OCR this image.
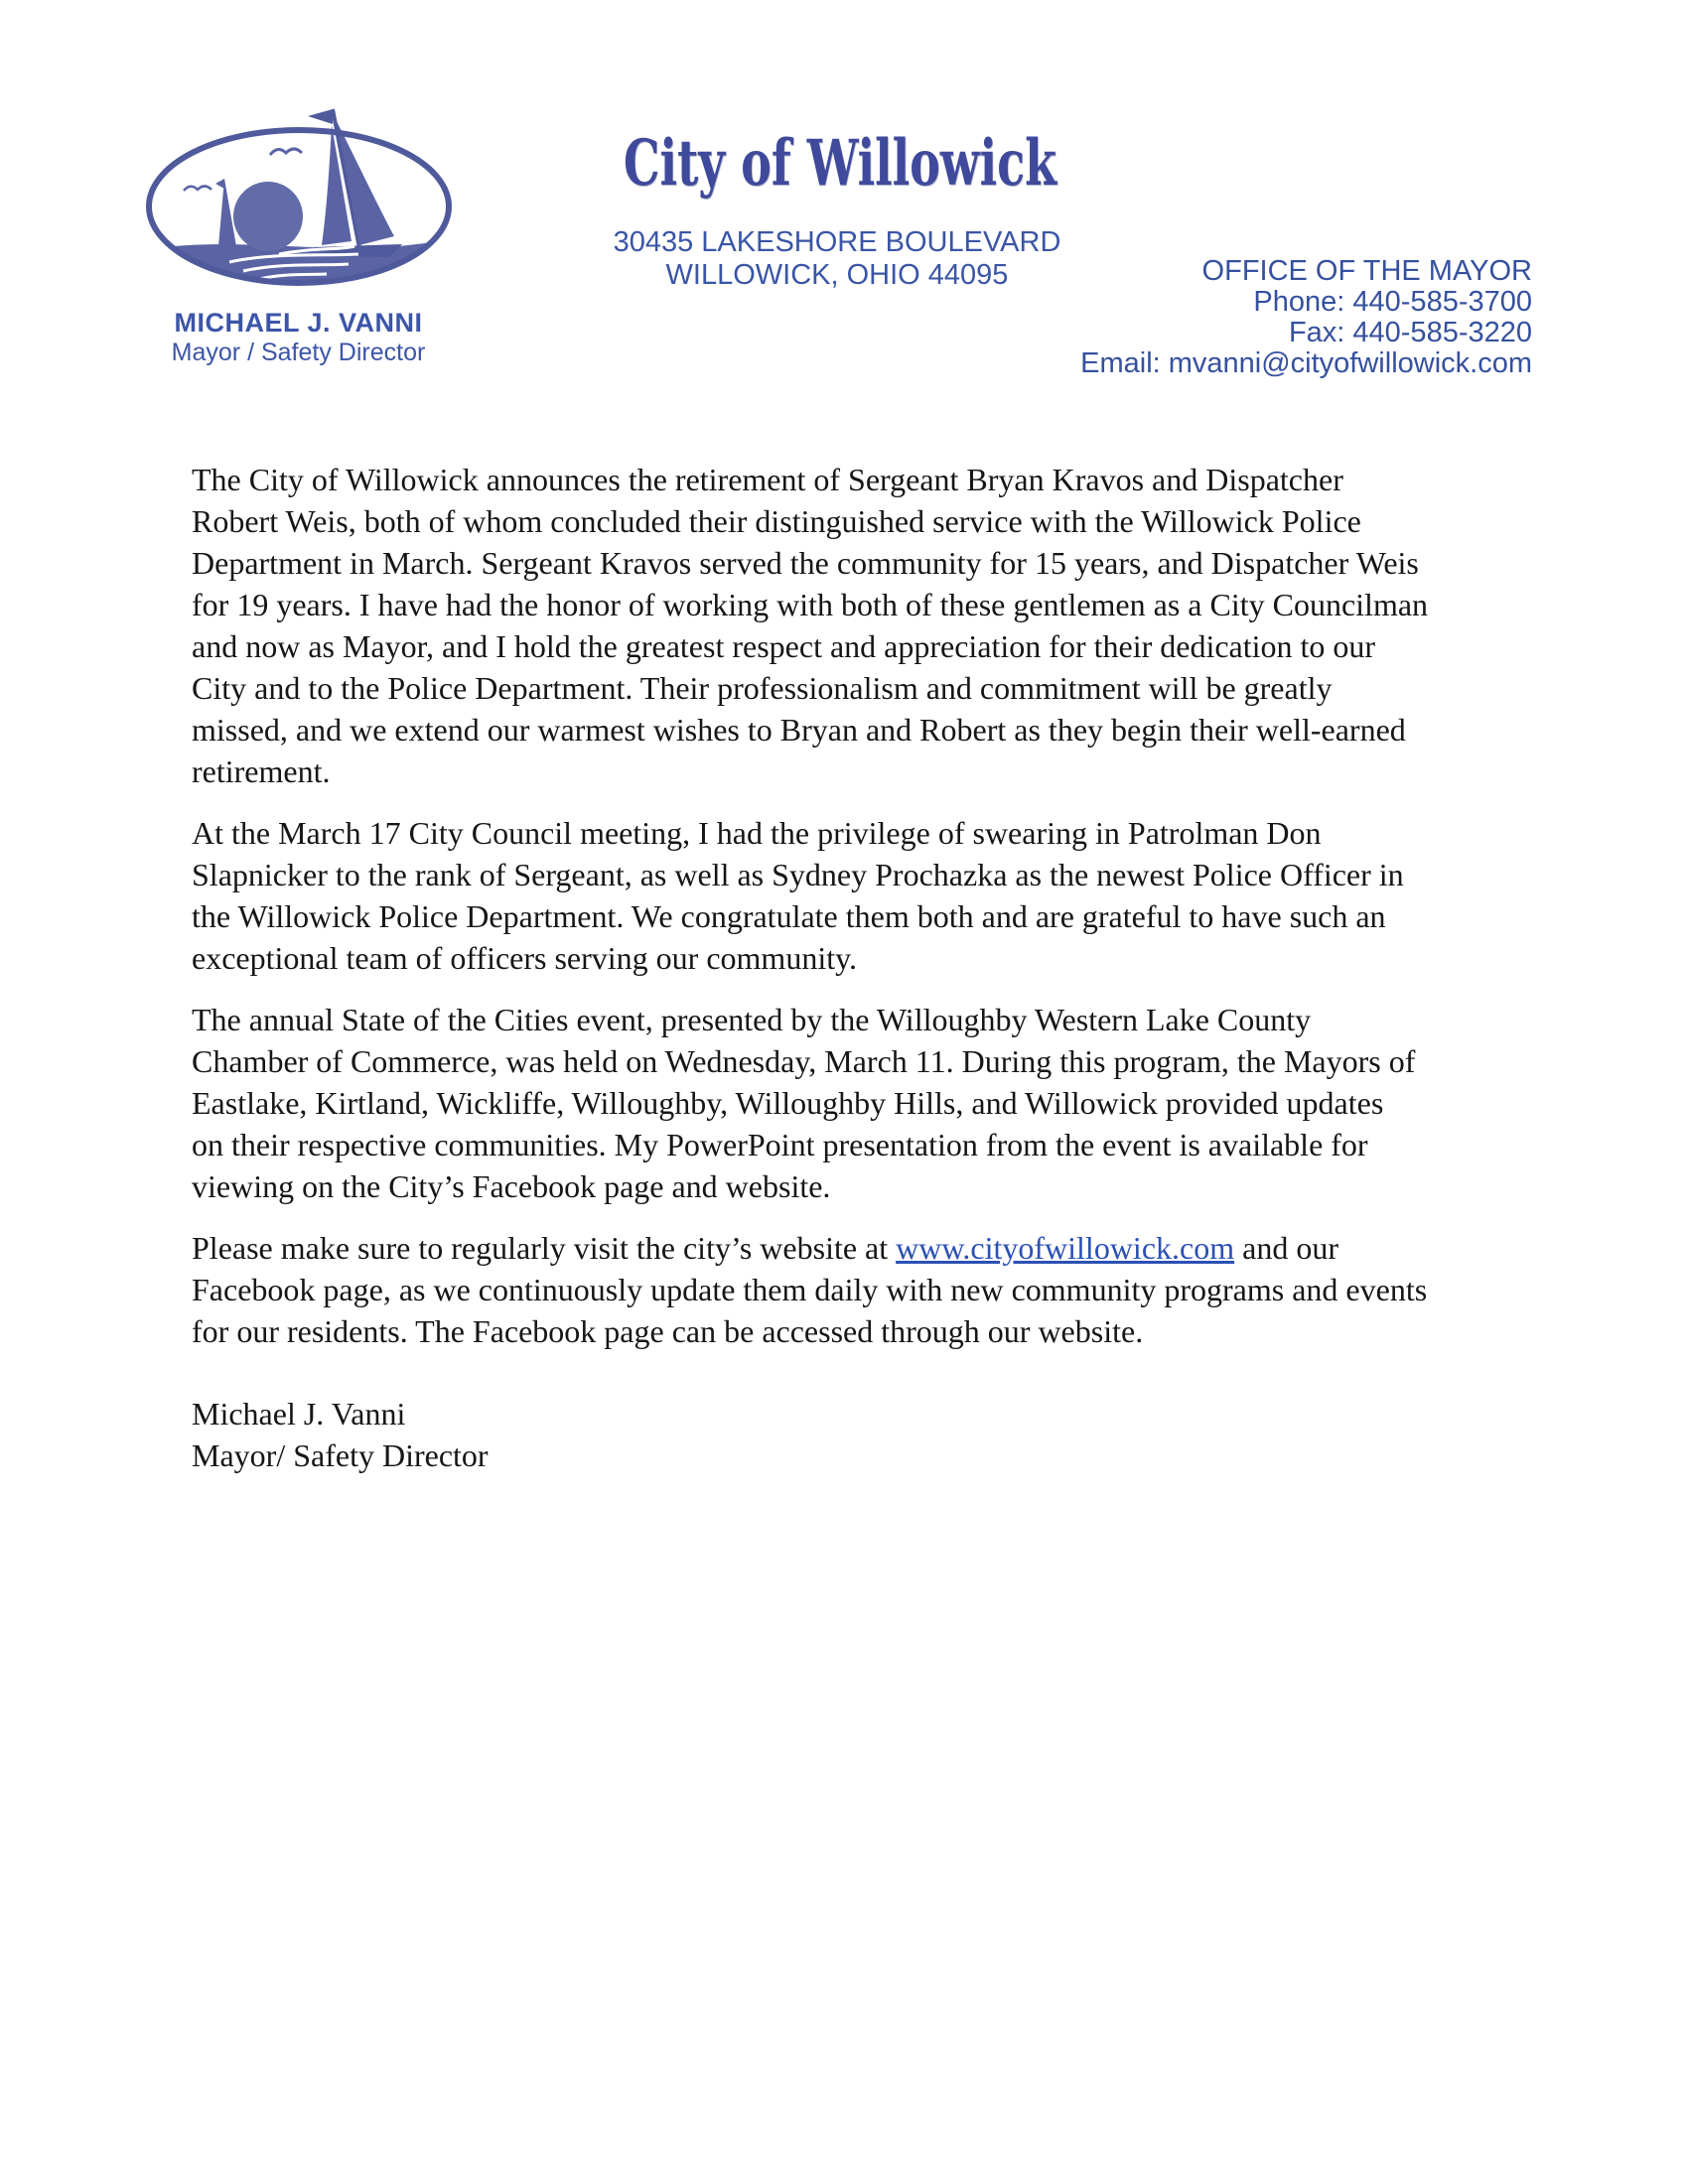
MICHAEL J. VANNI
Mayor / Safety Director
City of Willowick
30435 LAKESHORE BOULEVARD
WILLOWICK, OHIO 44095	OFFICE OF THE MAYOR
Phone: 440-585-3700
Fax: 440-585-3220
Email: mvanni@cityofwillowick.com

The City of Willowick announces the retirement of Sergeant Bryan Kravos and Dispatcher
Robert Weis, both of whom concluded their distinguished service with the Willowick Police
Department in March. Sergeant Kravos served the community for 15 years, and Dispatcher Weis
for 19 years. I have had the honor of working with both of these gentlemen as a City Councilman
and now as Mayor, and I hold the greatest respect and appreciation for their dedication to our
City and to the Police Department. Their professionalism and commitment will be greatly
missed, and we extend our warmest wishes to Bryan and Robert as they begin their well-earned
retirement.

At the March 17 City Council meeting, I had the privilege of swearing in Patrolman Don
Slapnicker to the rank of Sergeant, as well as Sydney Prochazka as the newest Police Officer in
the Willowick Police Department. We congratulate them both and are grateful to have such an
exceptional team of officers serving our community.

The annual State of the Cities event, presented by the Willoughby Western Lake County
Chamber of Commerce, was held on Wednesday, March 11. During this program, the Mayors of
Eastlake, Kirtland, Wickliffe, Willoughby, Willoughby Hills, and Willowick provided updates
on their respective communities. My PowerPoint presentation from the event is available for
viewing on the City’s Facebook page and website.

Please make sure to regularly visit the city’s website at www.cityofwillowick.com and our
Facebook page, as we continuously update them daily with new community programs and events
for our residents. The Facebook page can be accessed through our website.

Michael J. Vanni
Mayor/ Safety Director
